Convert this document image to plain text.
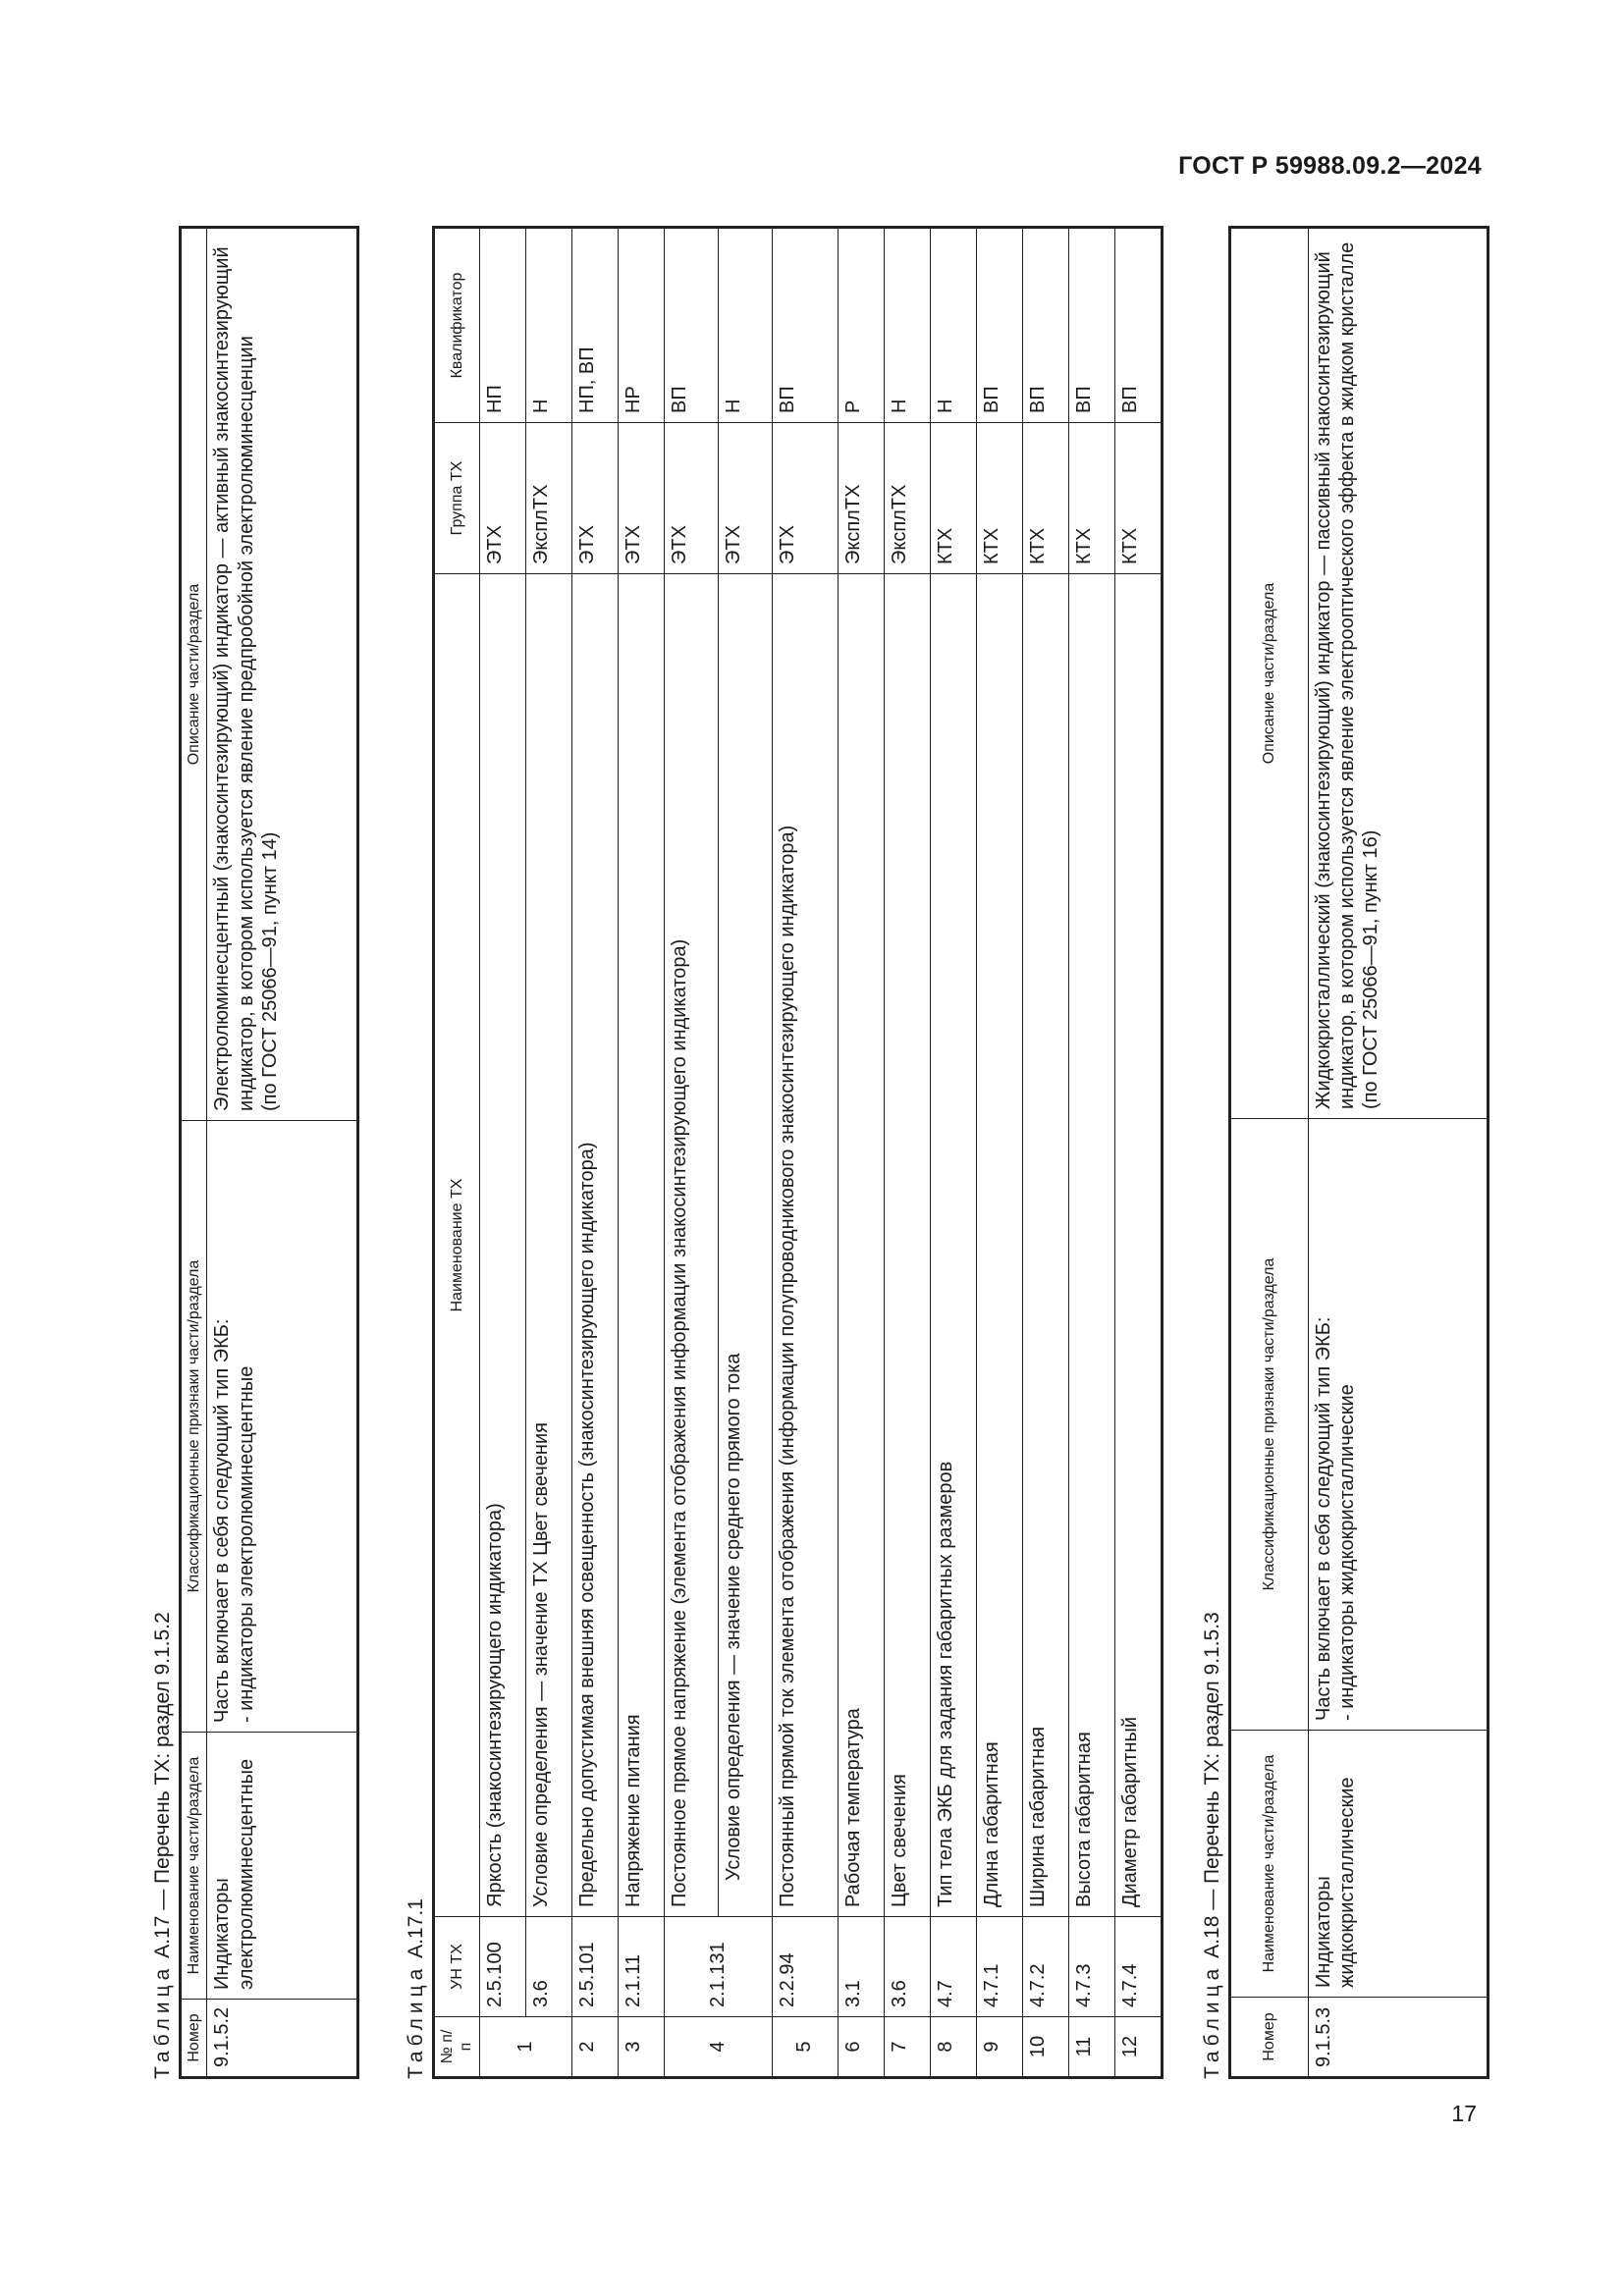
ГОСТ Р 59988.09.2—2024
Таблица А.17 — Перечень ТХ: раздел 9.1.5.2
Номер	Наименование части/раздела	Классификационные признаки части/раздела	Описание части/раздела
9.1.5.2	Индикаторы электролюминесцентные	Часть включает в себя следующий тип ЭКБ:
- индикаторы электролюминесцентные	Электролюминесцентный (знакосинтезирующий) индикатор — активный знакосинтезирующий индикатор, в котором используется явление предпробойной электролюминесценции
(по ГОСТ 25066—91, пункт 14)
Таблица А.17.1
№ п/п	УН ТХ	Наименование ТХ	Группа ТХ	Квалификатор
1	2.5.100	Яркость (знакосинтезирующего индикатора)	ЭТХ	НП
	3.6	Условие определения — значение ТХ Цвет свечения	ЭксплТХ	Н
2	2.5.101	Предельно допустимая внешняя освещенность (знакосинтезирующего индикатора)	ЭТХ	НП, ВП
3	2.1.11	Напряжение питания	ЭТХ	НР
4	2.1.131	Постоянное прямое напряжение (элемента отображения информации знакосинтезирующего индикатора)	ЭТХ	ВП
		Условие определения — значение среднего прямого тока	ЭТХ	Н
5	2.2.94	Постоянный прямой ток элемента отображения (информации полупроводникового знакосинтезирующего индикатора)	ЭТХ	ВП
6	3.1	Рабочая температура	ЭксплТХ	Р
7	3.6	Цвет свечения	ЭксплТХ	Н
8	4.7	Тип тела ЭКБ для задания габаритных размеров	КТХ	Н
9	4.7.1	Длина габаритная	КТХ	ВП
10	4.7.2	Ширина габаритная	КТХ	ВП
11	4.7.3	Высота габаритная	КТХ	ВП
12	4.7.4	Диаметр габаритный	КТХ	ВП
Таблица А.18 — Перечень ТХ: раздел 9.1.5.3
Номер	Наименование части/раздела	Классификационные признаки части/раздела	Описание части/раздела
9.1.5.3	Индикаторы жидкокристаллические	Часть включает в себя следующий тип ЭКБ:
- индикаторы жидкокристаллические	Жидкокристаллический (знакосинтезирующий) индикатор — пассивный знакосинтезирующий индикатор, в котором используется явление электрооптического эффекта в жидком кристалле
(по ГОСТ 25066—91, пункт 16)
17
